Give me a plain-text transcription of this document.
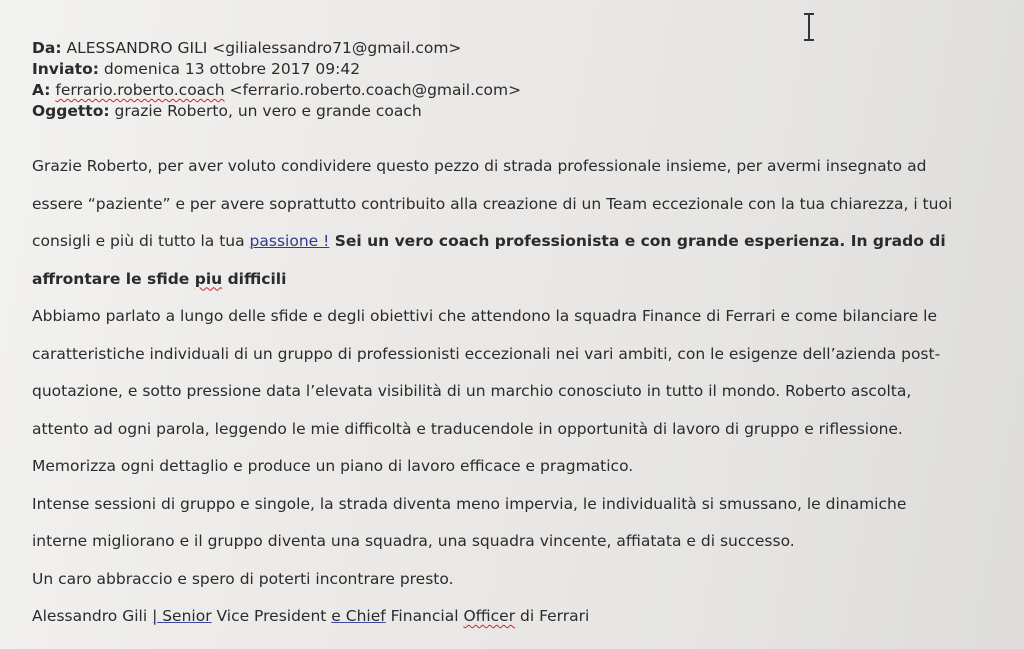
Da: ALESSANDRO GILI <gilialessandro71@gmail.com>
Inviato: domenica 13 ottobre 2017 09:42
A: ferrario.roberto.coach <ferrario.roberto.coach@gmail.com>
Oggetto: grazie Roberto, un vero e grande coach
Grazie Roberto, per aver voluto condividere questo pezzo di strada professionale insieme, per avermi insegnato ad
essere “paziente” e per avere soprattutto contribuito alla creazione di un Team eccezionale con la tua chiarezza, i tuoi
consigli e più di tutto la tua passione ! Sei un vero coach professionista e con grande esperienza. In grado di
affrontare le sfide piu difficili
Abbiamo parlato a lungo delle sfide e degli obiettivi che attendono la squadra Finance di Ferrari e come bilanciare le
caratteristiche individuali di un gruppo di professionisti eccezionali nei vari ambiti, con le esigenze dell’azienda post-
quotazione, e sotto pressione data l’elevata visibilità di un marchio conosciuto in tutto il mondo. Roberto ascolta,
attento ad ogni parola, leggendo le mie difficoltà e traducendole in opportunità di lavoro di gruppo e riflessione.
Memorizza ogni dettaglio e produce un piano di lavoro efficace e pragmatico.
Intense sessioni di gruppo e singole, la strada diventa meno impervia, le individualità si smussano, le dinamiche
interne migliorano e il gruppo diventa una squadra, una squadra vincente, affiatata e di successo.
Un caro abbraccio e spero di poterti incontrare presto.
Alessandro Gili | Senior Vice President e Chief Financial Officer di Ferrari
